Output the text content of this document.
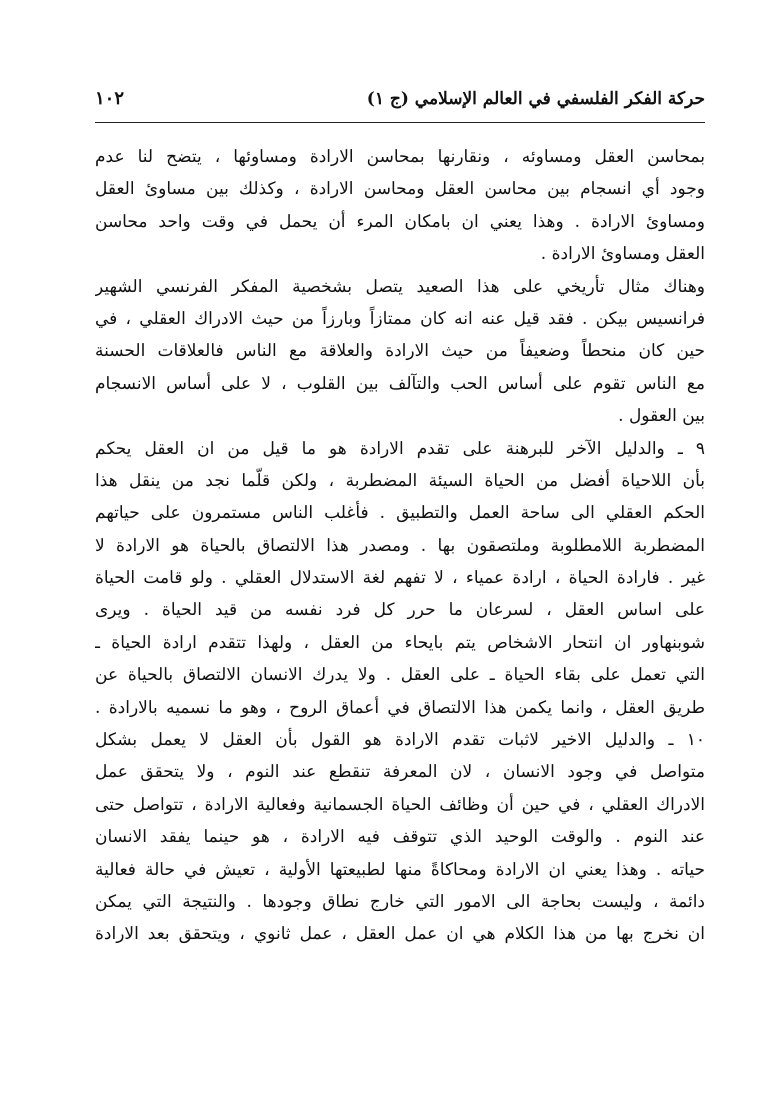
حركة الفكر الفلسفي في العالم الإسلامي (ج ١)
١٠٢
بمحاسن العقل ومساوئه ، ونقارنها بمحاسن الارادة ومساوئها ، يتضح لنا عدم
وجود أي انسجام بين محاسن العقل ومحاسن الارادة ، وكذلك بين مساوئ العقل
ومساوئ الارادة . وهذا يعني ان بامكان المرء أن يحمل في وقت واحد محاسن
العقل ومساوئ الارادة .
وهناك مثال تأريخي على هذا الصعيد يتصل بشخصية المفكر الفرنسي الشهير
فرانسيس بيكن . فقد قيل عنه انه كان ممتازاً وبارزاً من حيث الادراك العقلي ، في
حين كان منحطاً وضعيفاً من حيث الارادة والعلاقة مع الناس فالعلاقات الحسنة
مع الناس تقوم على أساس الحب والتآلف بين القلوب ، لا على أساس الانسجام
بين العقول .
٩ ـ والدليل الآخر للبرهنة على تقدم الارادة هو ما قيل من ان العقل يحكم
بأن اللاحياة أفضل من الحياة السيئة المضطربة ، ولكن قلّما نجد من ينقل هذا
الحكم العقلي الى ساحة العمل والتطبيق . فأغلب الناس مستمرون على حياتهم
المضطربة اللامطلوبة وملتصقون بها . ومصدر هذا الالتصاق بالحياة هو الارادة لا
غير . فارادة الحياة ، ارادة عمياء ، لا تفهم لغة الاستدلال العقلي . ولو قامت الحياة
على اساس العقل ، لسرعان ما حرر كل فرد نفسه من قيد الحياة . ويرى
شوبنهاور ان انتحار الاشخاص يتم بايحاء من العقل ، ولهذا تتقدم ارادة الحياة ـ
التي تعمل على بقاء الحياة ـ على العقل . ولا يدرك الانسان الالتصاق بالحياة عن
طريق العقل ، وانما يكمن هذا الالتصاق في أعماق الروح ، وهو ما نسميه بالارادة .
١٠ ـ والدليل الاخير لاثبات تقدم الارادة هو القول بأن العقل لا يعمل بشكل
متواصل في وجود الانسان ، لان المعرفة تنقطع عند النوم ، ولا يتحقق عمل
الادراك العقلي ، في حين أن وظائف الحياة الجسمانية وفعالية الارادة ، تتواصل حتى
عند النوم . والوقت الوحيد الذي تتوقف فيه الارادة ، هو حينما يفقد الانسان
حياته . وهذا يعني ان الارادة ومحاكاةً منها لطبيعتها الأولية ، تعيش في حالة فعالية
دائمة ، وليست بحاجة الى الامور التي خارج نطاق وجودها . والنتيجة التي يمكن
ان نخرج بها من هذا الكلام هي ان عمل العقل ، عمل ثانوي ، ويتحقق بعد الارادة
